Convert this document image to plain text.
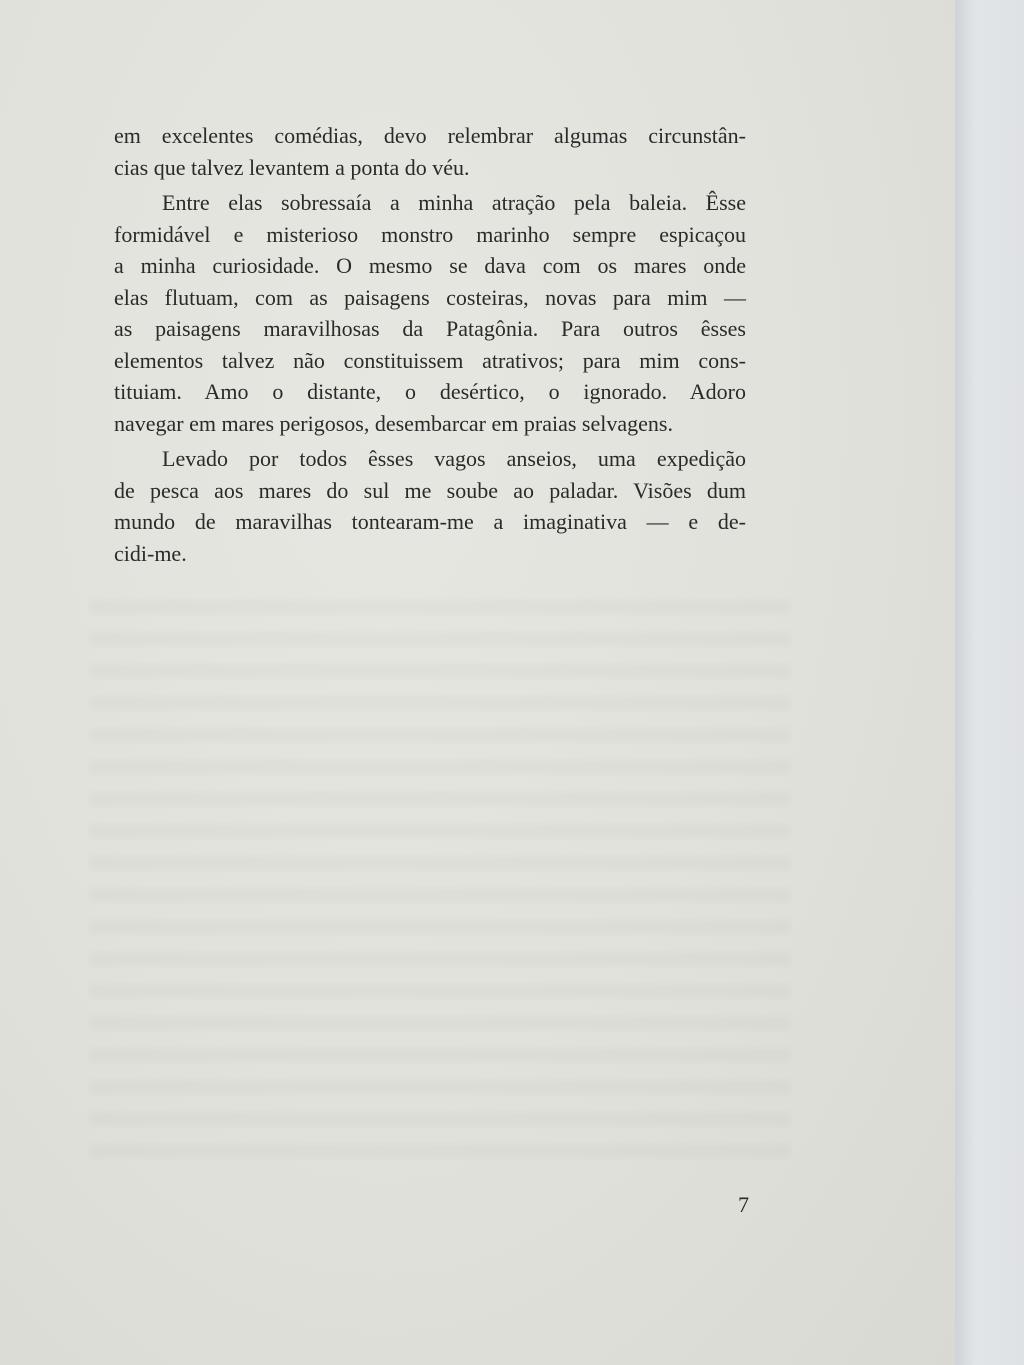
em excelentes comédias, devo relembrar algumas circunstân-
cias que talvez levantem a ponta do véu.
Entre elas sobressaía a minha atração pela baleia. Êsse
formidável e misterioso monstro marinho sempre espicaçou
a minha curiosidade. O mesmo se dava com os mares onde
elas flutuam, com as paisagens costeiras, novas para mim —
as paisagens maravilhosas da Patagônia. Para outros êsses
elementos talvez não constituissem atrativos; para mim cons-
tituiam. Amo o distante, o desértico, o ignorado. Adoro
navegar em mares perigosos, desembarcar em praias selvagens.
Levado por todos êsses vagos anseios, uma expedição
de pesca aos mares do sul me soube ao paladar. Visões dum
mundo de maravilhas tontearam-me a imaginativa — e de-
cidi-me.
7
